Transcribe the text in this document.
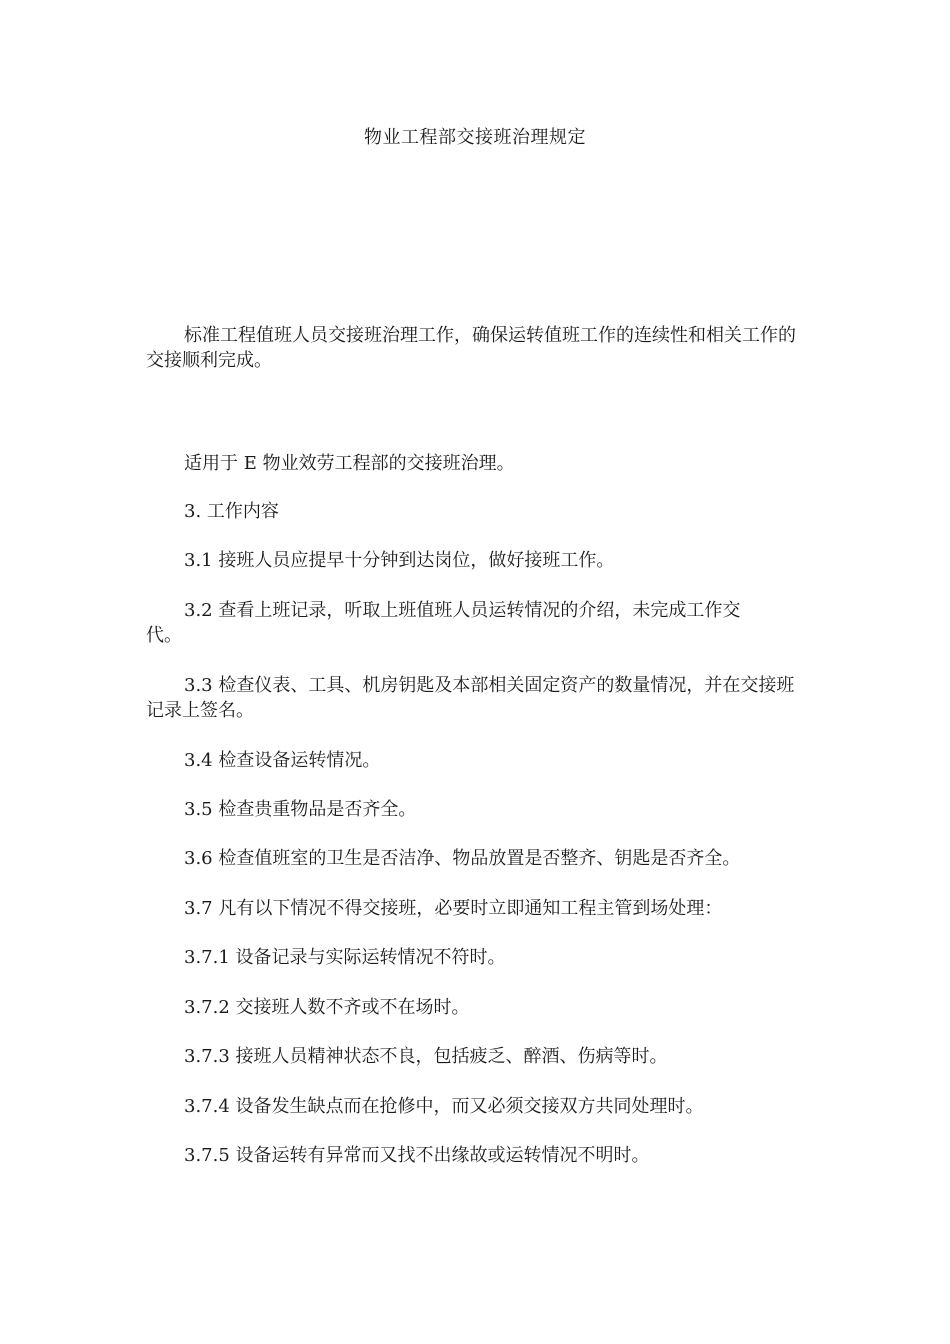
物业工程部交接班治理规定

标准工程值班人员交接班治理工作，确保运转值班工作的连续性和相关工作的交接顺利完成。

适用于 E 物业效劳工程部的交接班治理。

3. 工作内容

3.1 接班人员应提早十分钟到达岗位，做好接班工作。

3.2 查看上班记录，听取上班值班人员运转情况的介绍，未完成工作交代。

3.3 检查仪表、工具、机房钥匙及本部相关固定资产的数量情况，并在交接班记录上签名。

3.4 检查设备运转情况。

3.5 检查贵重物品是否齐全。

3.6 检查值班室的卫生是否洁净、物品放置是否整齐、钥匙是否齐全。

3.7 凡有以下情况不得交接班，必要时立即通知工程主管到场处理：

3.7.1 设备记录与实际运转情况不符时。

3.7.2 交接班人数不齐或不在场时。

3.7.3 接班人员精神状态不良，包括疲乏、醉酒、伤病等时。

3.7.4 设备发生缺点而在抢修中，而又必须交接双方共同处理时。

3.7.5 设备运转有异常而又找不出缘故或运转情况不明时。
